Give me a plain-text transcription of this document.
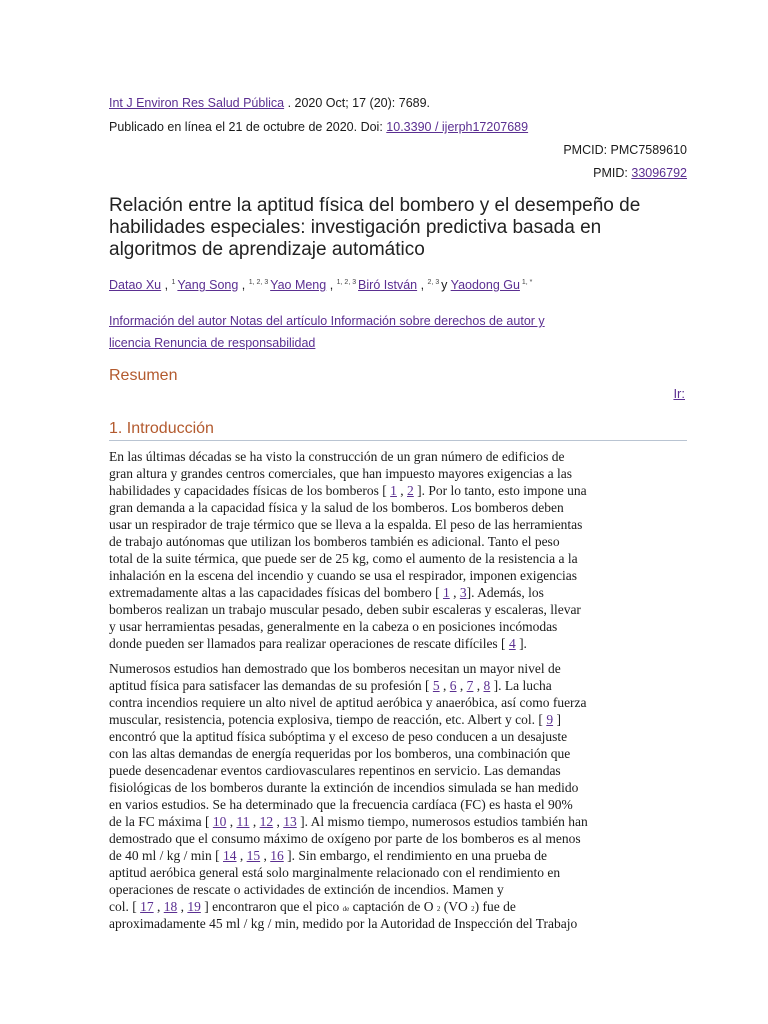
Int J Environ Res Salud Pública . 2020 Oct; 17 (20): 7689.
Publicado en línea el 21 de octubre de 2020. Doi: 10.3390 / ijerph17207689
PMCID: PMC7589610
PMID: 33096792
Relación entre la aptitud física del bombero y el desempeño de habilidades especiales: investigación predictiva basada en algoritmos de aprendizaje automático
Datao Xu , $^1$ Yang Song , $^{1, 2, 3}$ Yao Meng , $^{1, 2, 3}$ Biró István , $^{2, 3}$ y Yaodong Gu $^{1, *}$
Información del autor Notas del artículo Información sobre derechos de autor y
licencia Renuncia de responsabilidad
Resumen
Ir:
1. Introducción
En las últimas décadas se ha visto la construcción de un gran número de edificios de
gran altura y grandes centros comerciales, que han impuesto mayores exigencias a las
habilidades y capacidades físicas de los bomberos [ 1 , 2 ]. Por lo tanto, esto impone una
gran demanda a la capacidad física y la salud de los bomberos. Los bomberos deben
usar un respirador de traje térmico que se lleva a la espalda. El peso de las herramientas
de trabajo autónomas que utilizan los bomberos también es adicional. Tanto el peso
total de la suite térmica, que puede ser de 25 kg, como el aumento de la resistencia a la
inhalación en la escena del incendio y cuando se usa el respirador, imponen exigencias
extremadamente altas a las capacidades físicas del bombero [ 1 , 3]. Además, los
bomberos realizan un trabajo muscular pesado, deben subir escaleras y escaleras, llevar
y usar herramientas pesadas, generalmente en la cabeza o en posiciones incómodas
donde pueden ser llamados para realizar operaciones de rescate difíciles [ 4 ].
Numerosos estudios han demostrado que los bomberos necesitan un mayor nivel de
aptitud física para satisfacer las demandas de su profesión [ 5 , 6 , 7 , 8 ]. La lucha
contra incendios requiere un alto nivel de aptitud aeróbica y anaeróbica, así como fuerza
muscular, resistencia, potencia explosiva, tiempo de reacción, etc. Albert y col. [ 9 ]
encontró que la aptitud física subóptima y el exceso de peso conducen a un desajuste
con las altas demandas de energía requeridas por los bomberos, una combinación que
puede desencadenar eventos cardiovasculares repentinos en servicio. Las demandas
fisiológicas de los bomberos durante la extinción de incendios simulada se han medido
en varios estudios. Se ha determinado que la frecuencia cardíaca (FC) es hasta el 90%
de la FC máxima [ 10 , 11 , 12 , 13 ]. Al mismo tiempo, numerosos estudios también han
demostrado que el consumo máximo de oxígeno por parte de los bomberos es al menos
de 40 ml / kg / min [ 14 , 15 , 16 ]. Sin embargo, el rendimiento en una prueba de
aptitud aeróbica general está solo marginalmente relacionado con el rendimiento en
operaciones de rescate o actividades de extinción de incendios. Mamen y
col. [ 17 , 18 , 19 ] encontraron que el pico de captación de O 2 (VO 2) fue de
aproximadamente 45 ml / kg / min, medido por la Autoridad de Inspección del Trabajo
